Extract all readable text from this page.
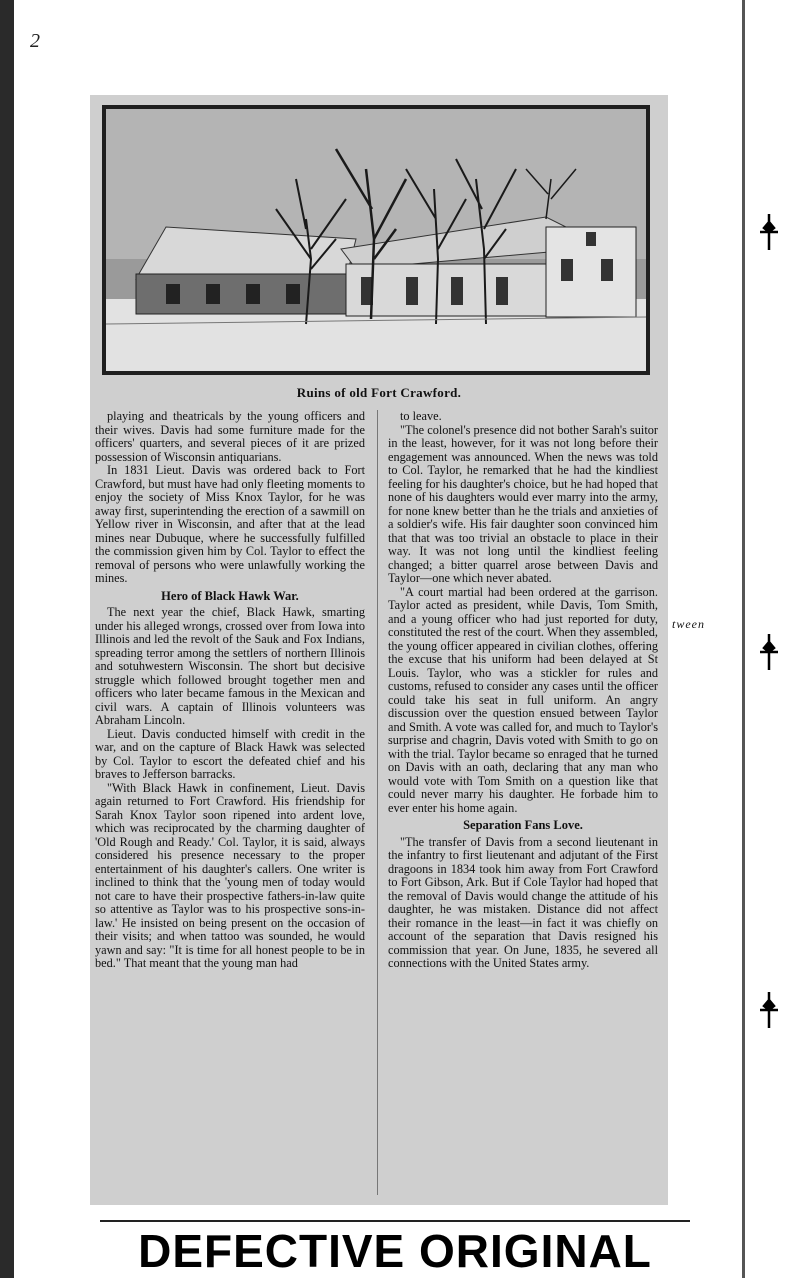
2
Ruins of old Fort Crawford.

playing and theatricals by the young officers and their wives. Davis had some furniture made for the officers' quarters, and several pieces of it are prized possession of Wisconsin antiquarians.

In 1831 Lieut. Davis was ordered back to Fort Crawford, but must have had only fleeting moments to enjoy the society of Miss Knox Taylor, for he was away first, superintending the erection of a sawmill on Yellow river in Wisconsin, and after that at the lead mines near Dubuque, where he successfully fulfilled the commission given him by Col. Taylor to effect the removal of persons who were unlawfully working the mines.

Hero of Black Hawk War.

The next year the chief, Black Hawk, smarting under his alleged wrongs, crossed over from Iowa into Illinois and led the revolt of the Sauk and Fox Indians, spreading terror among the settlers of northern Illinois and sotuhwestern Wisconsin. The short but decisive struggle which followed brought together men and officers who later became famous in the Mexican and civil wars. A captain of Illinois volunteers was Abraham Lincoln.

Lieut. Davis conducted himself with credit in the war, and on the capture of Black Hawk was selected by Col. Taylor to escort the defeated chief and his braves to Jefferson barracks.

"With Black Hawk in confinement, Lieut. Davis again returned to Fort Crawford. His friendship for Sarah Knox Taylor soon ripened into ardent love, which was reciprocated by the charming daughter of 'Old Rough and Ready.' Col. Taylor, it is said, always considered his presence necessary to the proper entertainment of his daughter's callers. One writer is inclined to think that the 'young men of today would not care to have their prospective fathers-in-law quite so attentive as Taylor was to his prospective sons-in-law.' He insisted on being present on the occasion of their visits; and when tattoo was sounded, he would yawn and say: "It is time for all honest people to be in bed." That meant that the young man had

to leave.

"The colonel's presence did not bother Sarah's suitor in the least, however, for it was not long before their engagement was announced. When the news was told to Col. Taylor, he remarked that he had the kindliest feeling for his daughter's choice, but he had hoped that none of his daughters would ever marry into the army, for none knew better than he the trials and anxieties of a soldier's wife. His fair daughter soon convinced him that that was too trivial an obstacle to place in their way. It was not long until the kindliest feeling changed; a bitter quarrel arose between Davis and Taylor—one which never abated.

"A court martial had been ordered at the garrison. Taylor acted as president, while Davis, Tom Smith, and a young officer who had just reported for duty, constituted the rest of the court. When they assembled, the young officer appeared in civilian clothes, offering the excuse that his uniform had been delayed at St Louis. Taylor, who was a stickler for rules and customs, refused to consider any cases until the officer could take his seat in full uniform. An angry discussion over the question ensued between Taylor and Smith. A vote was called for, and much to Taylor's surprise and chagrin, Davis voted with Smith to go on with the trial. Taylor became so enraged that he turned on Davis with an oath, declaring that any man who would vote with Tom Smith on a question like that could never marry his daughter. He forbade him to ever enter his home again.

Separation Fans Love.

"The transfer of Davis from a second lieutenant in the infantry to first lieutenant and adjutant of the First dragoons in 1834 took him away from Fort Crawford to Fort Gibson, Ark. But if Cole Taylor had hoped that the removal of Davis would change the attitude of his daughter, he was mistaken. Distance did not affect their romance in the least—in fact it was chiefly on account of the separation that Davis resigned his commission that year. On June, 1835, he severed all connections with the United States army.

tween
DEFECTIVE ORIGINAL
